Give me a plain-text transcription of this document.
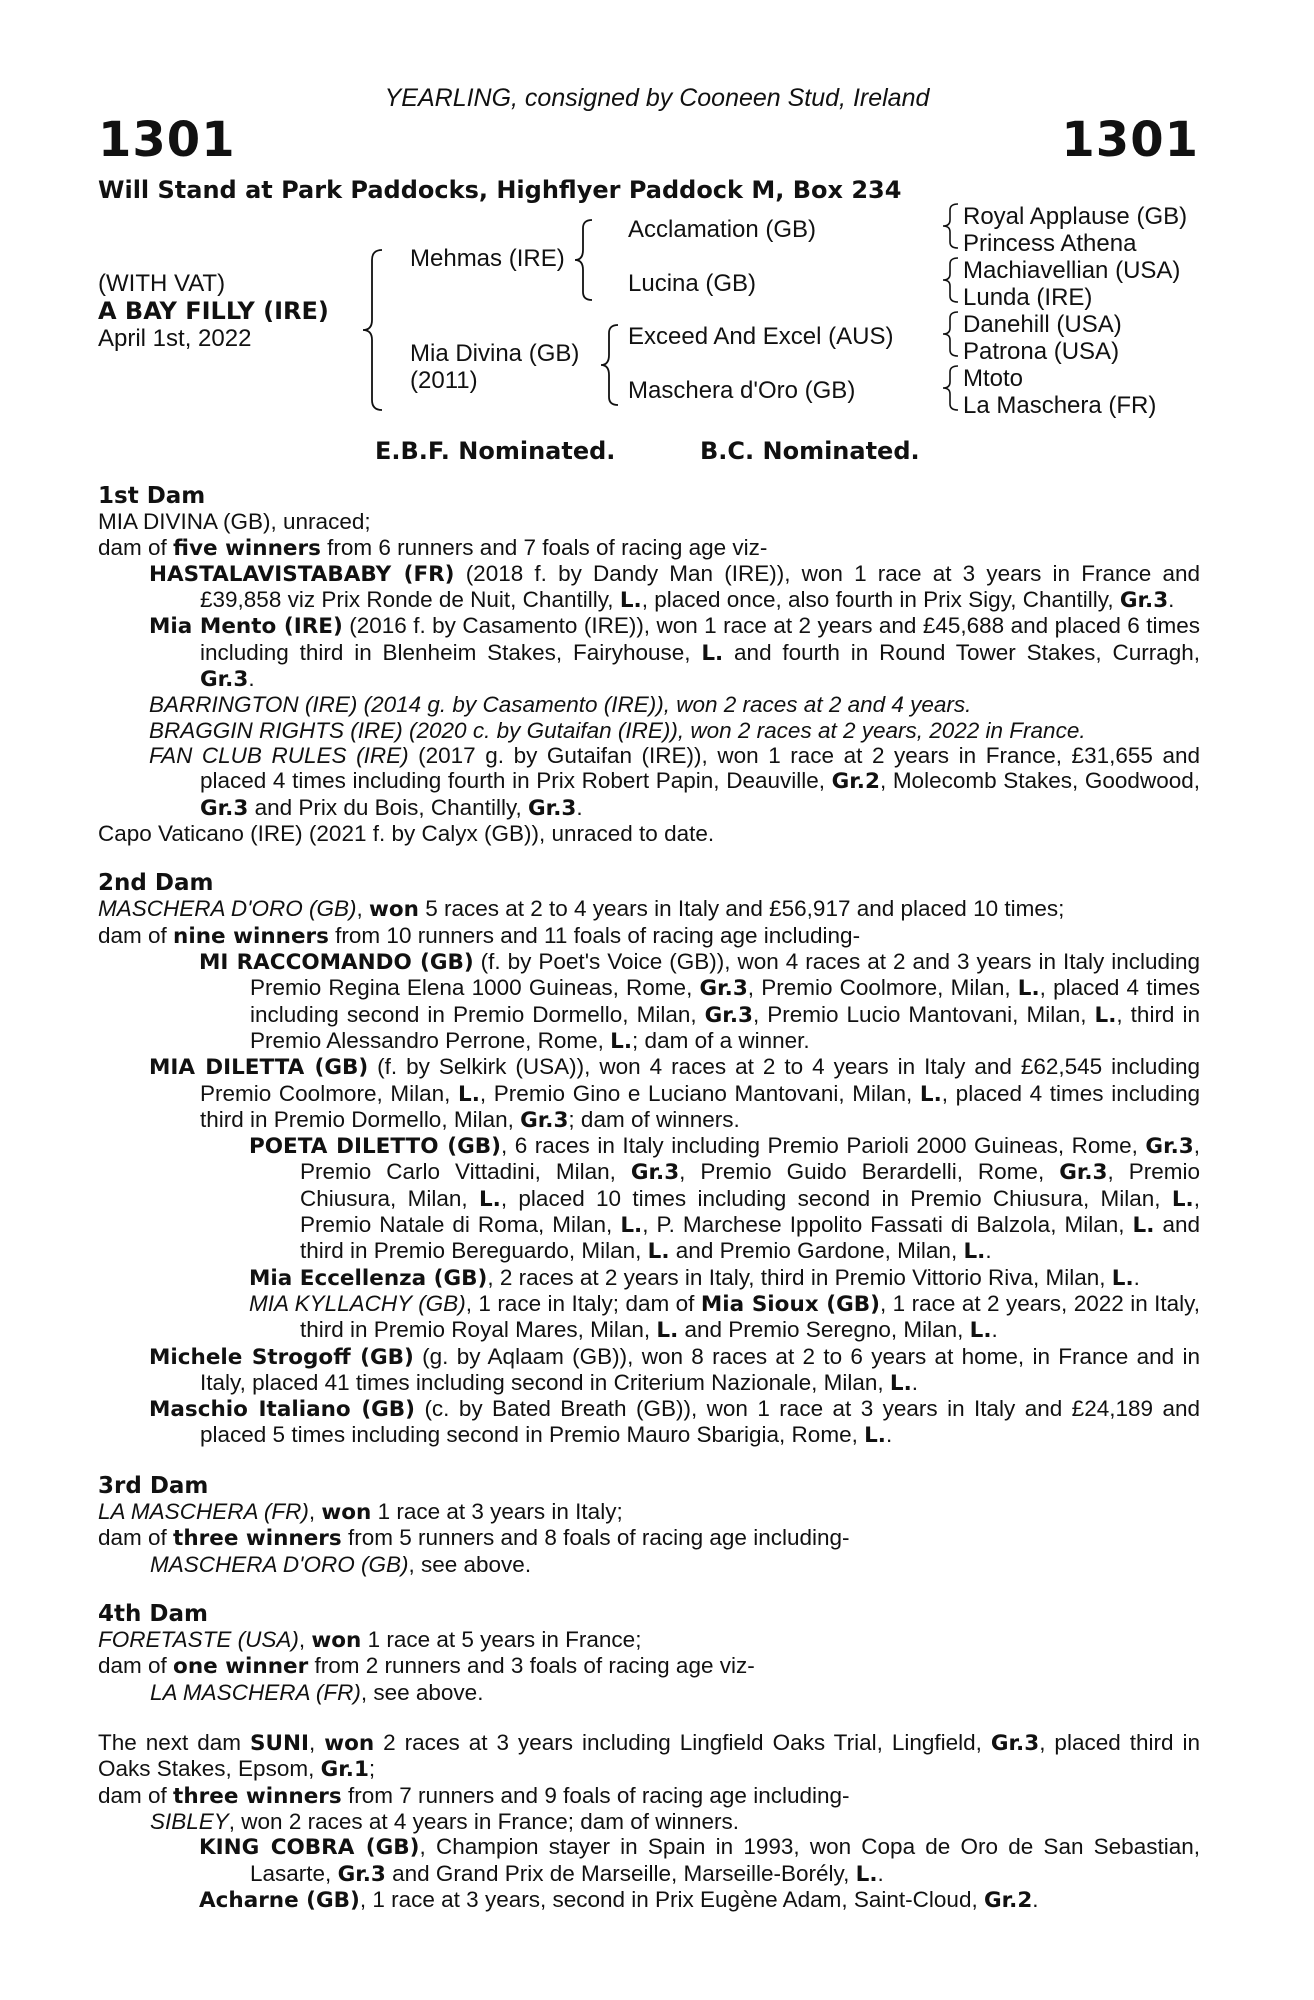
YEARLING, consigned by Cooneen Stud, Ireland
1301	1301
Will Stand at Park Paddocks, Highflyer Paddock M, Box 234
(WITH VAT)
A BAY FILLY (IRE)
April 1st, 2022
Mehmas (IRE)
Mia Divina (GB)
(2011)
Acclamation (GB)
Lucina (GB)
Exceed And Excel (AUS)
Maschera d'Oro (GB)
Royal Applause (GB)
Princess Athena
Machiavellian (USA)
Lunda (IRE)
Danehill (USA)
Patrona (USA)
Mtoto
La Maschera (FR)
E.B.F. Nominated.	B.C. Nominated.

1st Dam

MIA DIVINA (GB), unraced;

dam of five winners from 6 runners and 7 foals of racing age viz-

HASTALAVISTABABY (FR) (2018 f. by Dandy Man (IRE)), won 1 race at 3 years in France and £39,858 viz Prix Ronde de Nuit, Chantilly, L., placed once, also fourth in Prix Sigy, Chantilly, Gr.3.

Mia Mento (IRE) (2016 f. by Casamento (IRE)), won 1 race at 2 years and £45,688 and placed 6 times including third in Blenheim Stakes, Fairyhouse, L. and fourth in Round Tower Stakes, Curragh, Gr.3.

BARRINGTON (IRE) (2014 g. by Casamento (IRE)), won 2 races at 2 and 4 years.

BRAGGIN RIGHTS (IRE) (2020 c. by Gutaifan (IRE)), won 2 races at 2 years, 2022 in France.

FAN CLUB RULES (IRE) (2017 g. by Gutaifan (IRE)), won 1 race at 2 years in France, £31,655 and placed 4 times including fourth in Prix Robert Papin, Deauville, Gr.2, Molecomb Stakes, Goodwood, Gr.3 and Prix du Bois, Chantilly, Gr.3.

Capo Vaticano (IRE) (2021 f. by Calyx (GB)), unraced to date.

2nd Dam

MASCHERA D'ORO (GB), won 5 races at 2 to 4 years in Italy and £56,917 and placed 10 times;

dam of nine winners from 10 runners and 11 foals of racing age including-

MI RACCOMANDO (GB) (f. by Poet's Voice (GB)), won 4 races at 2 and 3 years in Italy including Premio Regina Elena 1000 Guineas, Rome, Gr.3, Premio Coolmore, Milan, L., placed 4 times including second in Premio Dormello, Milan, Gr.3, Premio Lucio Mantovani, Milan, L., third in Premio Alessandro Perrone, Rome, L.; dam of a winner.

MIA DILETTA (GB) (f. by Selkirk (USA)), won 4 races at 2 to 4 years in Italy and £62,545 including Premio Coolmore, Milan, L., Premio Gino e Luciano Mantovani, Milan, L., placed 4 times including third in Premio Dormello, Milan, Gr.3; dam of winners.

POETA DILETTO (GB), 6 races in Italy including Premio Parioli 2000 Guineas, Rome, Gr.3, Premio Carlo Vittadini, Milan, Gr.3, Premio Guido Berardelli, Rome, Gr.3, Premio Chiusura, Milan, L., placed 10 times including second in Premio Chiusura, Milan, L., Premio Natale di Roma, Milan, L., P. Marchese Ippolito Fassati di Balzola, Milan, L. and third in Premio Bereguardo, Milan, L. and Premio Gardone, Milan, L..

Mia Eccellenza (GB), 2 races at 2 years in Italy, third in Premio Vittorio Riva, Milan, L..

MIA KYLLACHY (GB), 1 race in Italy; dam of Mia Sioux (GB), 1 race at 2 years, 2022 in Italy, third in Premio Royal Mares, Milan, L. and Premio Seregno, Milan, L..

Michele Strogoff (GB) (g. by Aqlaam (GB)), won 8 races at 2 to 6 years at home, in France and in Italy, placed 41 times including second in Criterium Nazionale, Milan, L..

Maschio Italiano (GB) (c. by Bated Breath (GB)), won 1 race at 3 years in Italy and £24,189 and placed 5 times including second in Premio Mauro Sbarigia, Rome, L..

3rd Dam

LA MASCHERA (FR), won 1 race at 3 years in Italy;

dam of three winners from 5 runners and 8 foals of racing age including-

MASCHERA D'ORO (GB), see above.

4th Dam

FORETASTE (USA), won 1 race at 5 years in France;

dam of one winner from 2 runners and 3 foals of racing age viz-

LA MASCHERA (FR), see above.

The next dam SUNI, won 2 races at 3 years including Lingfield Oaks Trial, Lingfield, Gr.3, placed third in Oaks Stakes, Epsom, Gr.1;

dam of three winners from 7 runners and 9 foals of racing age including-

SIBLEY, won 2 races at 4 years in France; dam of winners.

KING COBRA (GB), Champion stayer in Spain in 1993, won Copa de Oro de San Sebastian, Lasarte, Gr.3 and Grand Prix de Marseille, Marseille-Borély, L..

Acharne (GB), 1 race at 3 years, second in Prix Eugène Adam, Saint-Cloud, Gr.2.
